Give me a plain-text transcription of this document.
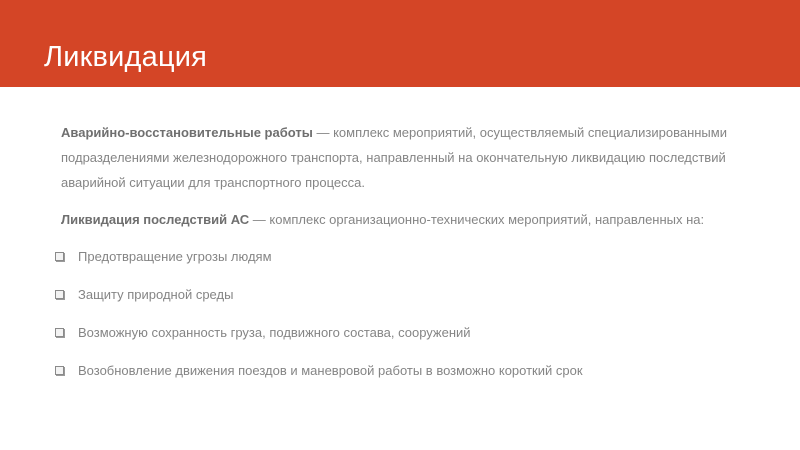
Ликвидация

Аварийно-восстановительные работы — комплекс мероприятий, осуществляемый специализированными подразделениями железнодорожного транспорта, направленный на окончательную ликвидацию последствий аварийной ситуации для транспортного процесса.

Ликвидация последствий АС — комплекс организационно-технических мероприятий, направленных на:

Предотвращение угрозы людям
Защиту природной среды
Возможную сохранность груза, подвижного состава, сооружений
Возобновление движения поездов и маневровой работы в возможно короткий срок
